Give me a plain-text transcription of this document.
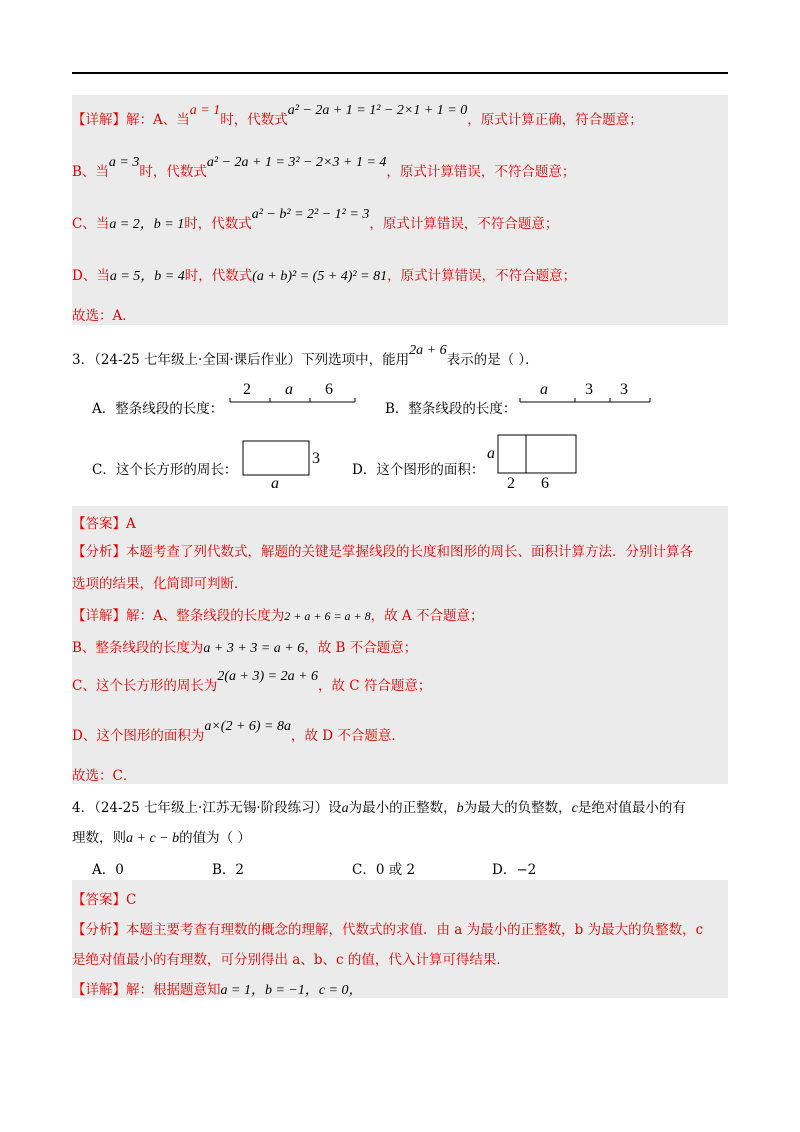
【详解】解：A、当a = 1时，代数式a² − 2a + 1 = 1² − 2×1 + 1 = 0，原式计算正确，符合题意；
B、当a = 3时，代数式a² − 2a + 1 = 3² − 2×3 + 1 = 4，原式计算错误，不符合题意；
C、当a = 2，b = 1时，代数式a² − b² = 2² − 1² = 3，原式计算错误，不符合题意；
D、当a = 5，b = 4时，代数式(a + b)² = (5 + 4)² = 81，原式计算错误，不符合题意；
故选：A．
3．（24-25 七年级上·全国·课后作业）下列选项中，能用2a + 6表示的是（ ）．
A．整条线段的长度：
2 a 6
B．整条线段的长度：
a 3 3
C．这个长方形的周长：
3
a
D．这个图形的面积：
a
2 6
【答案】A
【分析】本题考查了列代数式，解题的关键是掌握线段的长度和图形的周长、面积计算方法．分别计算各
选项的结果，化简即可判断．
【详解】解：A、整条线段的长度为2 + a + 6 = a + 8，故 A 不合题意；
B、整条线段的长度为a + 3 + 3 = a + 6，故 B 不合题意；
C、这个长方形的周长为2(a + 3) = 2a + 6，故 C 符合题意；
D、这个图形的面积为a×(2 + 6) = 8a，故 D 不合题意．
故选：C．
4．（24-25 七年级上·江苏无锡·阶段练习）设a为最小的正整数，b为最大的负整数，c是绝对值最小的有
理数，则a + c − b的值为（ ）
A．0	B．2	C．0 或 2	D．−2
【答案】C
【分析】本题主要考查有理数的概念的理解，代数式的求值．由 a 为最小的正整数，b 为最大的负整数，c
是绝对值最小的有理数，可分别得出 a、b、c 的值，代入计算可得结果．
【详解】解：根据题意知a = 1，b = −1，c = 0，
